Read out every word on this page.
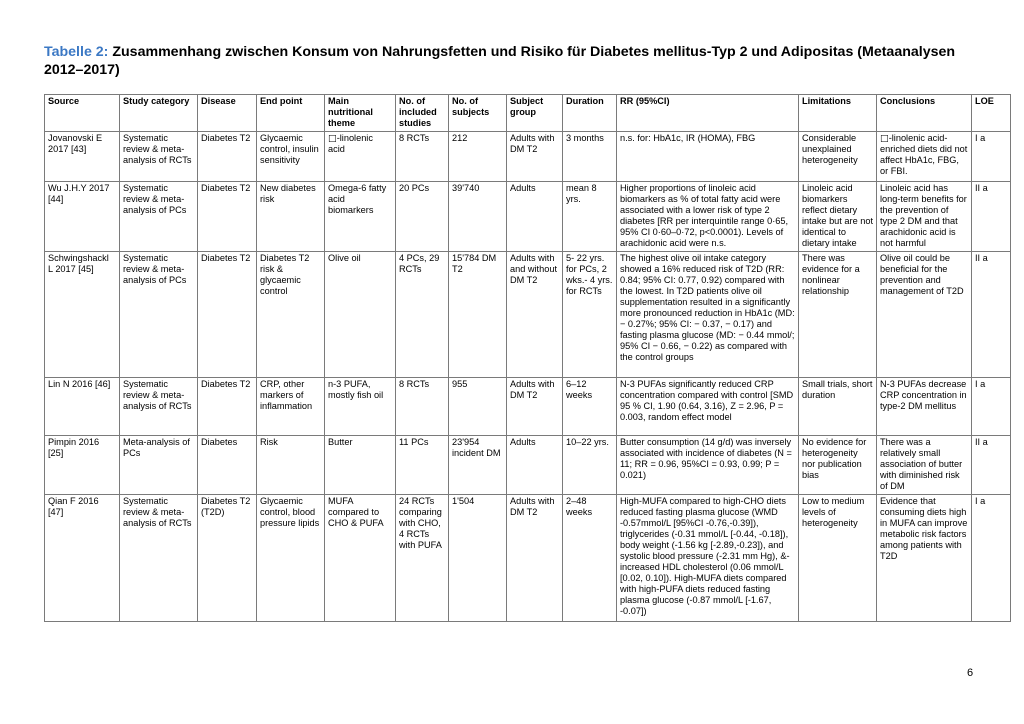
Tabelle 2: Zusammenhang zwischen Konsum von Nahrungsfetten und Risiko für Diabetes mellitus-Typ 2 und Adipositas (Metaanalysen 2012–2017)
Source	Study category	Disease	End point	Main nutritional theme	No. of included studies	No. of subjects	Subject group	Duration	RR (95%CI)	Limitations	Conclusions	LOE
Jovanovski E 2017 [43]	Systematic review & meta-analysis of RCTs	Diabetes T2	Glycaemic control, insulin sensitivity	□-linolenic acid	8 RCTs	212	Adults with DM T2	3 months	n.s. for: HbA1c, IR (HOMA), FBG	Considerable unexplained heterogeneity	□-linolenic acid-enriched diets did not affect HbA1c, FBG, or FBI.	I a
Wu J.H.Y 2017 [44]	Systematic review & meta-analysis of PCs	Diabetes T2	New diabetes risk	Omega-6 fatty acid biomarkers	20 PCs	39'740	Adults	mean 8 yrs.	Higher proportions of linoleic acid biomarkers as % of total fatty acid were associated with a lower risk of type 2 diabetes [RR per interquintile range 0·65, 95% CI 0·60–0·72, p<0.0001). Levels of arachidonic acid were n.s.	Linoleic acid biomarkers reflect dietary intake but are not identical to dietary intake	Linoleic acid has long-term benefits for the prevention of type 2 DM and that arachidonic acid is not harmful	II a
Schwingshackl L 2017 [45]	Systematic review & meta-analysis of PCs	Diabetes T2	Diabetes T2 risk & glycaemic control	Olive oil	4 PCs, 29 RCTs	15'784 DM T2	Adults with and without DM T2	5- 22 yrs. for PCs, 2 wks.- 4 yrs. for RCTs	The highest olive oil intake category showed a 16% reduced risk of T2D (RR: 0.84; 95% CI: 0.77, 0.92) compared with the lowest. In T2D patients olive oil supplementation resulted in a significantly more pronounced reduction in HbA1c (MD: − 0.27%; 95% CI: − 0.37, − 0.17) and fasting plasma glucose (MD: − 0.44 mmol/; 95% CI − 0.66, − 0.22) as compared with the control groups	There was evidence for a nonlinear relationship	Olive oil could be beneficial for the prevention and management of T2D	II a
Lin N 2016 [46]	Systematic review & meta-analysis of RCTs	Diabetes T2	CRP, other markers of inflammation	n-3 PUFA, mostly fish oil	8 RCTs	955	Adults with DM T2	6–12 weeks	N-3 PUFAs significantly reduced CRP concentration compared with control [SMD 95 % CI, 1.90 (0.64, 3.16), Z = 2.96, P = 0.003, random effect model	Small trials, short duration	N-3 PUFAs decrease CRP concentration in type-2 DM mellitus	I a
Pimpin 2016 [25]	Meta-analysis of PCs	Diabetes	Risk	Butter	11 PCs	23'954 incident DM	Adults	10–22 yrs.	Butter consumption (14 g/d) was inversely associated with incidence of diabetes (N = 11; RR = 0.96, 95%CI = 0.93, 0.99; P = 0.021)	No evidence for heterogeneity nor publication bias	There was a relatively small association of butter with diminished risk of DM	II a
Qian F 2016 [47]	Systematic review & meta-analysis of RCTs	Diabetes T2 (T2D)	Glycaemic control, blood pressure lipids	MUFA compared to CHO & PUFA	24 RCTs comparing with CHO, 4 RCTs with PUFA	1'504	Adults with DM T2	2–48 weeks	High-MUFA compared to high-CHO diets reduced fasting plasma glucose (WMD -0.57mmol/L [95%CI -0.76,-0.39]), triglycerides (-0.31 mmol/L [-0.44, -0.18]), body weight (-1.56 kg [-2.89,-0.23]), and systolic blood pressure (-2.31 mm Hg), &-increased HDL cholesterol (0.06 mmol/L [0.02, 0.10]). High-MUFA diets compared with high-PUFA diets reduced fasting plasma glucose (-0.87 mmol/L [-1.67, -0.07])	Low to medium levels of heterogeneity	Evidence that consuming diets high in MUFA can improve metabolic risk factors among patients with T2D	I a
6
